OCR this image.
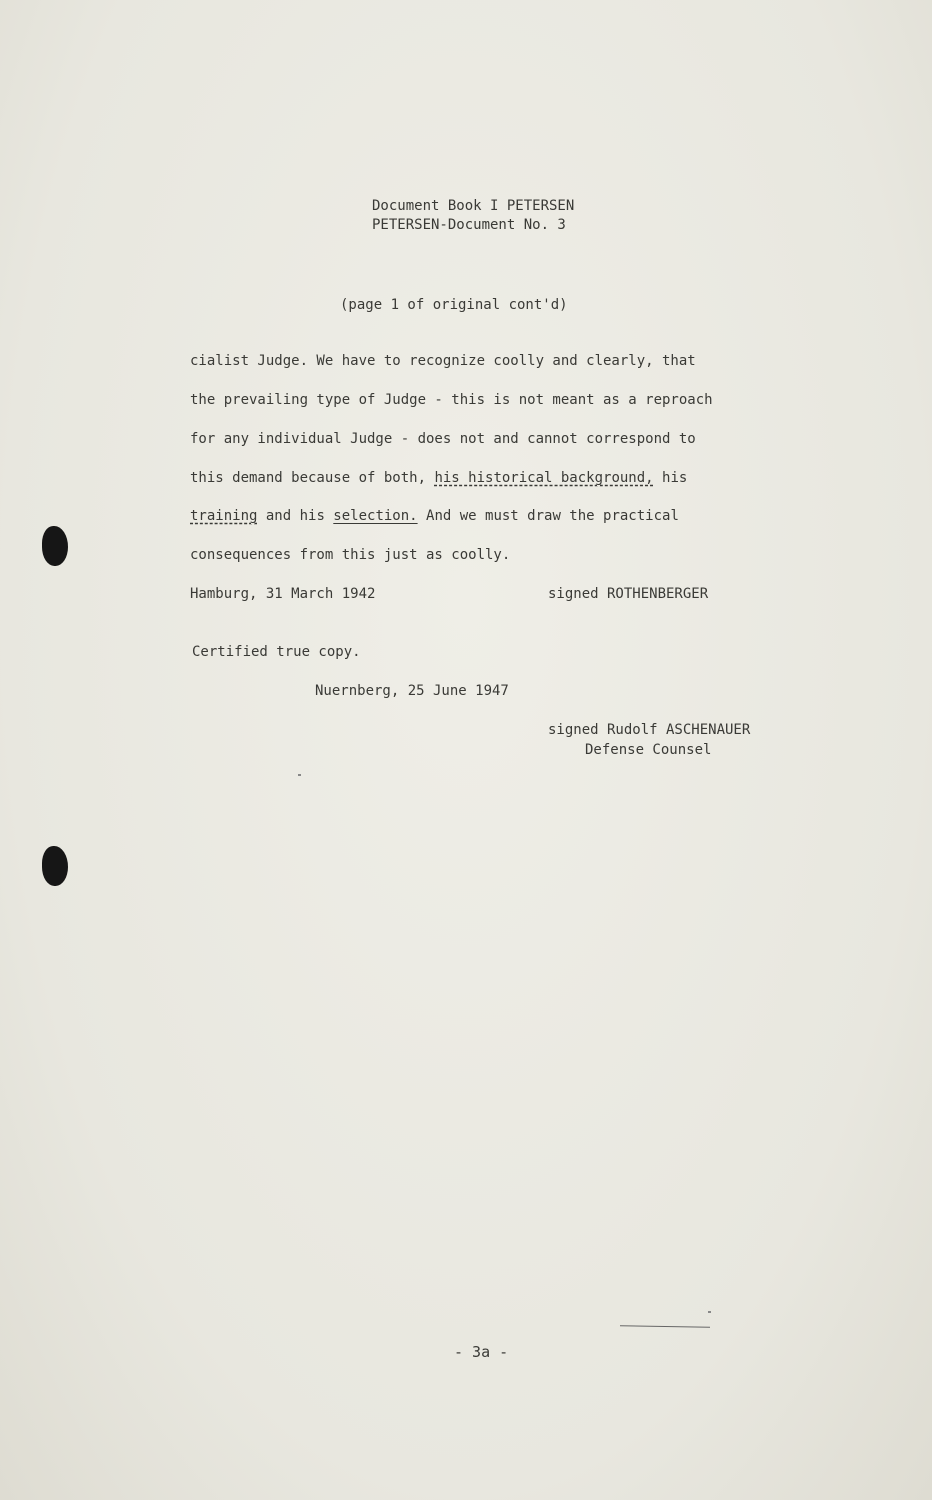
Document Book I PETERSEN
PETERSEN-Document No. 3
(page 1 of original cont'd)
cialist Judge. We have to recognize coolly and clearly, that
the prevailing type of Judge - this is not meant as a reproach
for any individual Judge - does not and cannot correspond to
this demand because of both, his historical background, his
training and his selection. And we must draw the practical
consequences from this just as coolly.
Hamburg, 31 March 1942	signed ROTHENBERGER
Certified true copy.
Nuernberg, 25 June 1947
signed Rudolf ASCHENAUER
Defense Counsel
- 3a -
